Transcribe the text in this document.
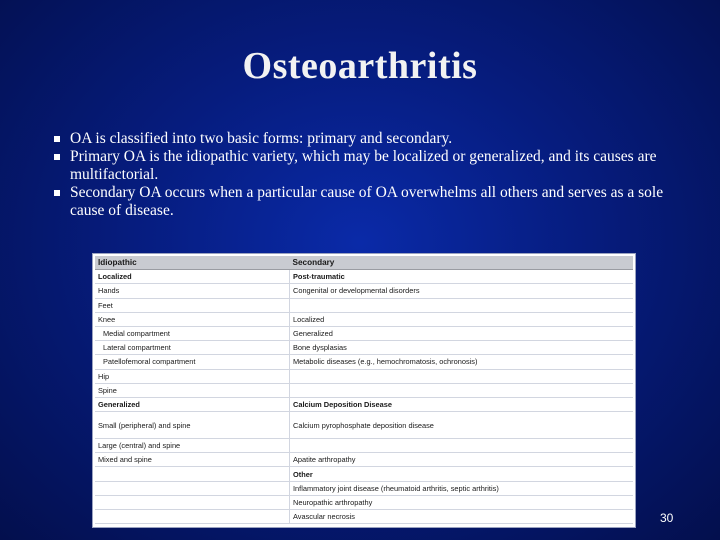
Osteoarthritis
OA is classified into two basic forms: primary and secondary.
Primary OA is the idiopathic variety, which may be localized or generalized, and its causes are multifactorial.
Secondary OA occurs when a particular cause of OA overwhelms all others and serves as a sole cause of disease.
Idiopathic	Secondary
Localized	Post-traumatic
Hands	Congenital or developmental disorders
Feet	
Knee	Localized
Medial compartment	Generalized
Lateral compartment	Bone dysplasias
Patellofemoral compartment	Metabolic diseases (e.g., hemochromatosis, ochronosis)
Hip	
Spine	
Generalized	Calcium Deposition Disease
Small (peripheral) and spine	Calcium pyrophosphate deposition disease
Large (central) and spine	
Mixed and spine	Apatite arthropathy
	Other
	Inflammatory joint disease (rheumatoid arthritis, septic arthritis)
	Neuropathic arthropathy
	Avascular necrosis	30
